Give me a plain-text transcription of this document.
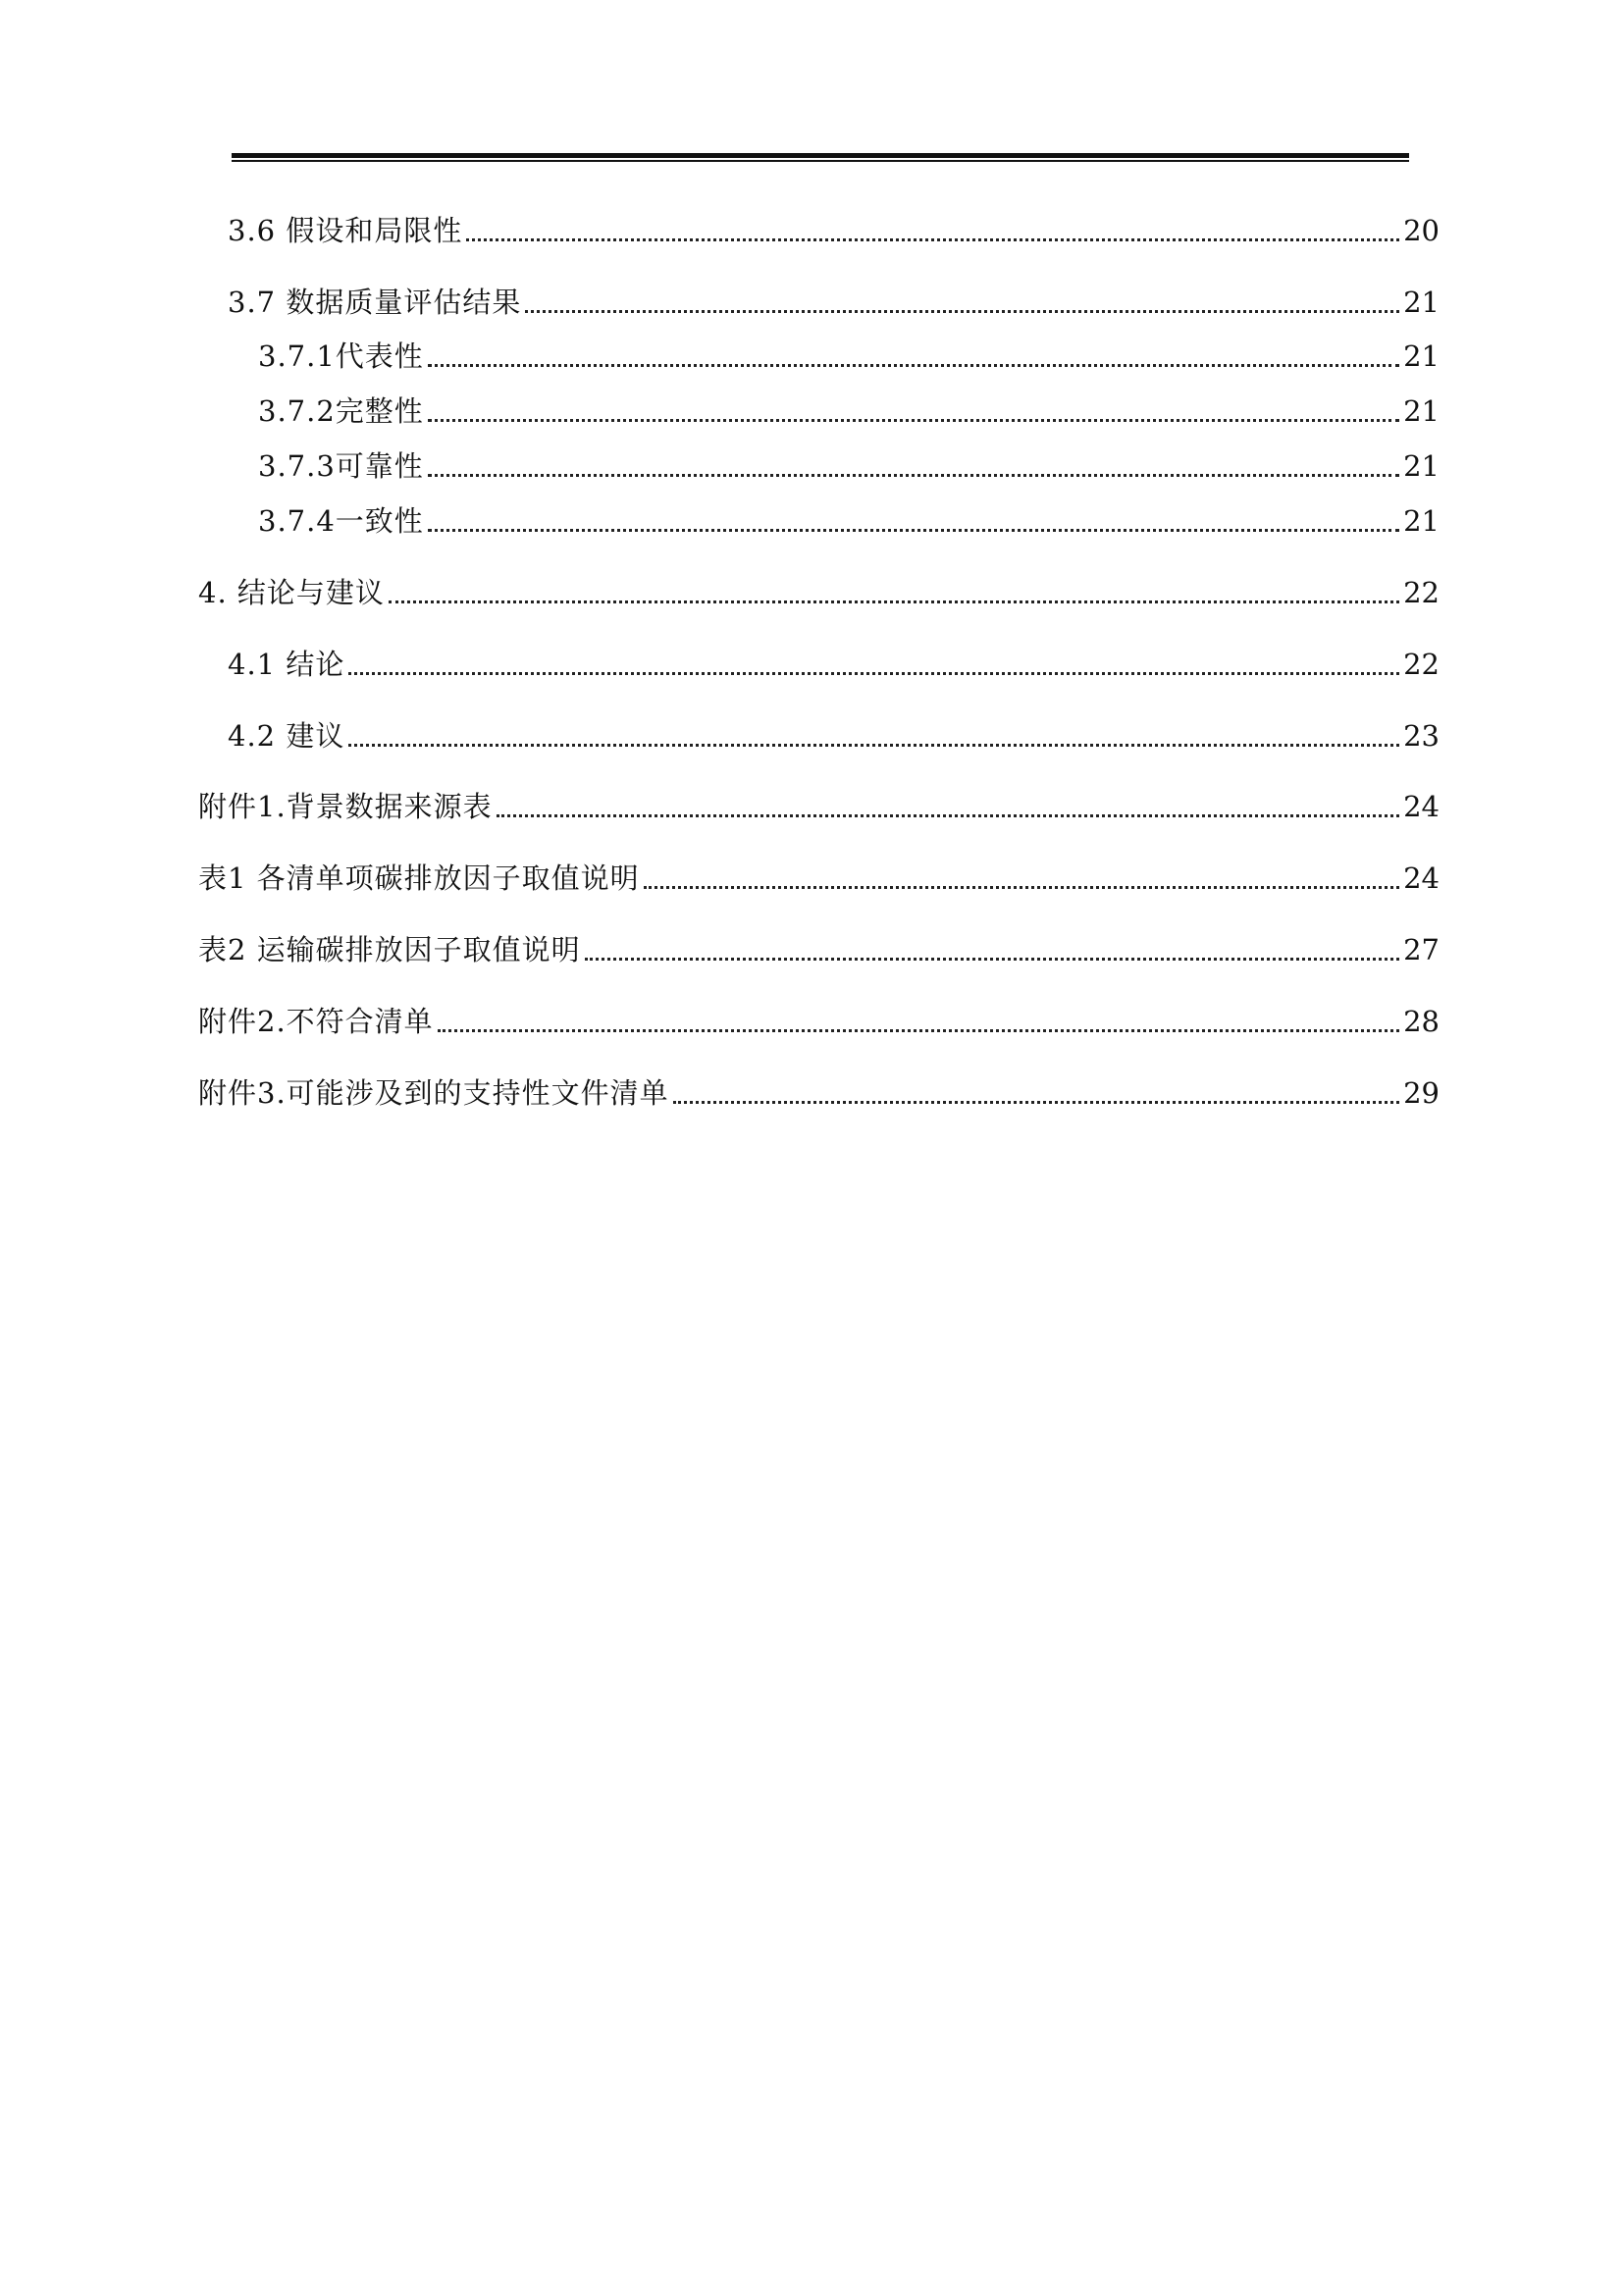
3.6 假设和局限性	20
3.7 数据质量评估结果	21
3.7.1代表性	21
3.7.2完整性	21
3.7.3可靠性	21
3.7.4一致性	21
4. 结论与建议	22
4.1 结论	22
4.2 建议	23
附件1.背景数据来源表	24
表1 各清单项碳排放因子取值说明	24
表2 运输碳排放因子取值说明	27
附件2.不符合清单	28
附件3.可能涉及到的支持性文件清单	29
